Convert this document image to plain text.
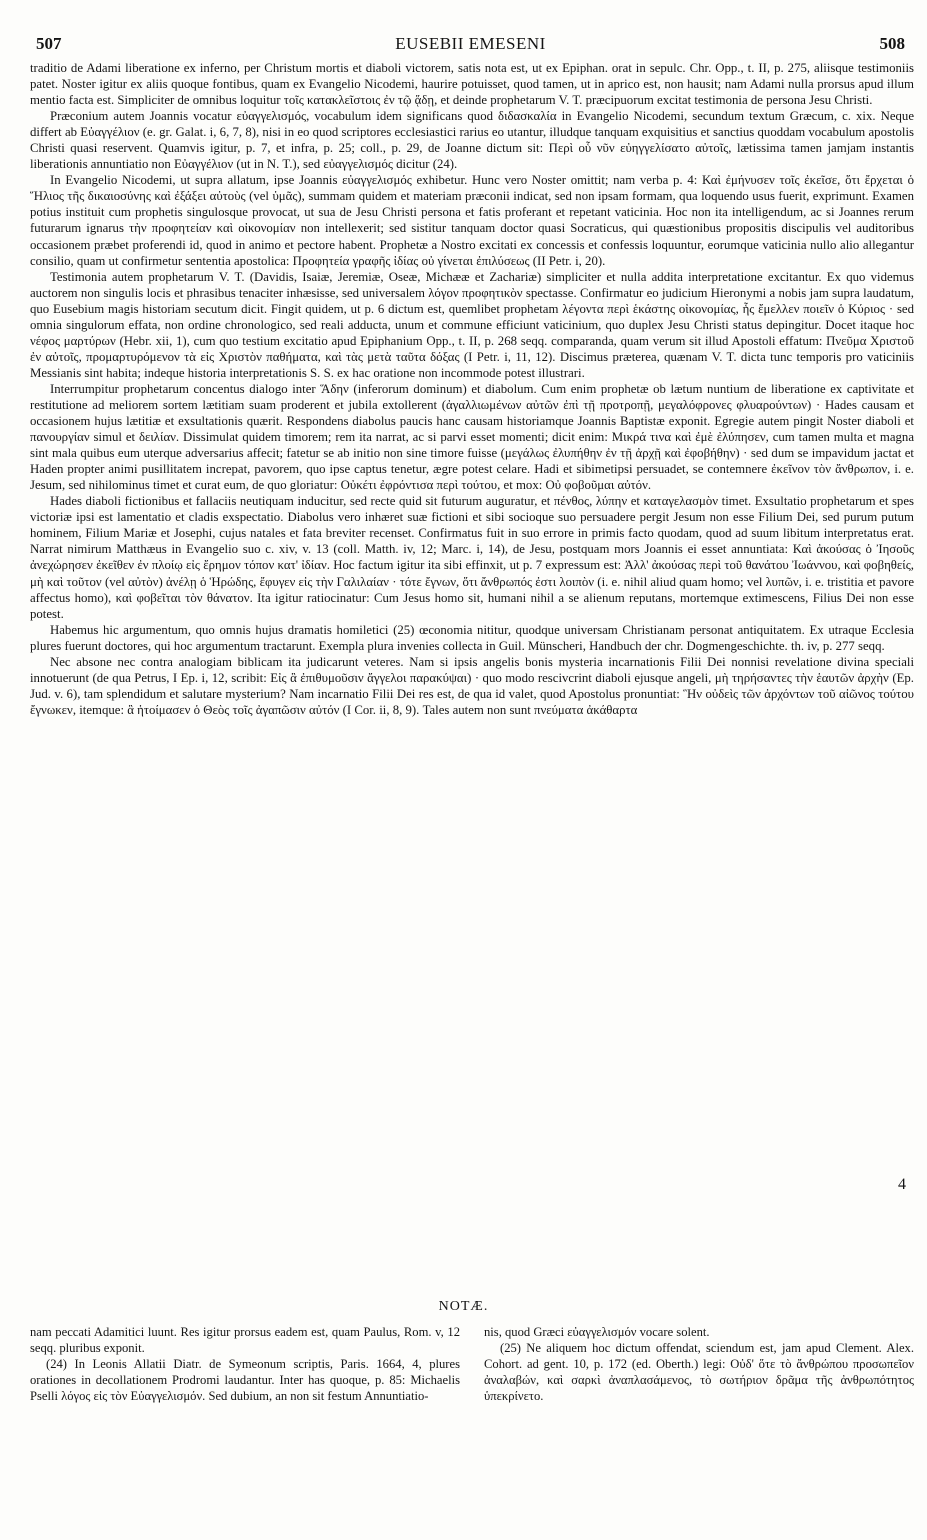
507	EUSEBII EMESENI	508

traditio de Adami liberatione ex inferno, per Christum mortis et diaboli victorem, satis nota est, ut ex Epiphan. orat in sepulc. Chr. Opp., t. II, p. 275, aliisque testimoniis patet. Noster igitur ex aliis quoque fontibus, quam ex Evangelio Nicodemi, haurire potuisset, quod tamen, ut in aprico est, non hausit; nam Adami nulla prorsus apud illum mentio facta est. Simpliciter de omnibus loquitur τοῖς κατακλεῖστοις ἐν τῷ ᾅδῃ, et deinde prophetarum V. T. præcipuorum excitat testimonia de persona Jesu Christi.

Præconium autem Joannis vocatur εὐαγγελισμός, vocabulum idem significans quod διδασκαλία in Evangelio Nicodemi, secundum textum Græcum, c. xix. Neque differt ab Εὐαγγέλιον (e. gr. Galat. i, 6, 7, 8), nisi in eo quod scriptores ecclesiastici rarius eo utantur, illudque tanquam exquisitius et sanctius quoddam vocabulum apostolis Christi quasi reservent. Quamvis igitur, p. 7, et infra, p. 25; coll., p. 29, de Joanne dictum sit: Περὶ οὗ νῦν εὐηγγελίσατο αὐτοῖς, lætissima tamen jamjam instantis liberationis annuntiatio non Εὐαγγέλιον (ut in N. T.), sed εὐαγγελισμός dicitur (24).

In Evangelio Nicodemi, ut supra allatum, ipse Joannis εὐαγγελισμός exhibetur. Hunc vero Noster omittit; nam verba p. 4: Καὶ ἐμήνυσεν τοῖς ἐκεῖσε, ὅτι ἔρχεται ὁ Ἥλιος τῆς δικαιοσύνης καὶ ἐξάξει αὐτοὺς (vel ὑμᾶς), summam quidem et materiam præconii indicat, sed non ipsam formam, qua loquendo usus fuerit, exprimunt. Examen potius instituit cum prophetis singulosque provocat, ut sua de Jesu Christi persona et fatis proferant et repetant vaticinia. Hoc non ita intelligendum, ac si Joannes rerum futurarum ignarus τὴν προφητείαν καὶ οἰκονομίαν non intellexerit; sed sistitur tanquam doctor quasi Socraticus, qui quæstionibus propositis discipulis vel auditoribus occasionem præbet proferendi id, quod in animo et pectore habent. Prophetæ a Nostro excitati ex concessis et confessis loquuntur, eorumque vaticinia nullo alio allegantur consilio, quam ut confirmetur sententia apostolica: Προφητεία γραφῆς ἰδίας οὐ γίνεται ἐπιλύσεως (II Petr. i, 20).

Testimonia autem prophetarum V. T. (Davidis, Isaiæ, Jeremiæ, Oseæ, Michææ et Zachariæ) simpliciter et nulla addita interpretatione excitantur. Ex quo videmus auctorem non singulis locis et phrasibus tenaciter inhæsisse, sed universalem λόγον προφητικὸν spectasse. Confirmatur eo judicium Hieronymi a nobis jam supra laudatum, quo Eusebium magis historiam secutum dicit. Fingit quidem, ut p. 6 dictum est, quemlibet prophetam λέγοντα περὶ ἑκάστης οἰκονομίας, ἧς ἔμελλεν ποιεῖν ὁ Κύριος · sed omnia singulorum effata, non ordine chronologico, sed reali adducta, unum et commune efficiunt vaticinium, quo duplex Jesu Christi status depingitur. Docet itaque hoc νέφος μαρτύρων (Hebr. xii, 1), cum quo testium excitatio apud Epiphanium Opp., t. II, p. 268 seqq. comparanda, quam verum sit illud Apostoli effatum: Πνεῦμα Χριστοῦ ἐν αὐτοῖς, προμαρτυρόμενον τὰ εἰς Χριστὸν παθήματα, καὶ τὰς μετὰ ταῦτα δόξας (I Petr. i, 11, 12). Discimus præterea, quænam V. T. dicta tunc temporis pro vaticiniis Messianis sint habita; indeque historia interpretationis S. S. ex hac oratione non incommode potest illustrari.

Interrumpitur prophetarum concentus dialogo inter Ἅδην (inferorum dominum) et diabolum. Cum enim prophetæ ob lætum nuntium de liberatione ex captivitate et restitutione ad meliorem sortem lætitiam suam proderent et jubila extollerent (ἀγαλλιωμένων αὐτῶν ἐπὶ τῇ προτροπῇ, μεγαλόφρονες φλυαρούντων) · Hades causam et occasionem hujus lætitiæ et exsultationis quærit. Respondens diabolus paucis hanc causam historiamque Joannis Baptistæ exponit. Egregie autem pingit Noster diaboli et πανουργίαν simul et δειλίαν. Dissimulat quidem timorem; rem ita narrat, ac si parvi esset momenti; dicit enim: Μικρά τινα καὶ ἐμὲ ἐλύπησεν, cum tamen multa et magna sint mala quibus eum uterque adversarius affecit; fatetur se ab initio non sine timore fuisse (μεγάλως ἐλυπήθην ἐν τῇ ἀρχῇ καὶ ἐφοβήθην) · sed dum se impavidum jactat et Haden propter animi pusillitatem increpat, pavorem, quo ipse captus tenetur, ægre potest celare. Hadi et sibimetipsi persuadet, se contemnere ἐκεῖνον τὸν ἄνθρωπον, i. e. Jesum, sed nihilominus timet et curat eum, de quo gloriatur: Οὐκέτι ἐφρόντισα περὶ τούτου, et mox: Οὐ φοβοῦμαι αὐτόν.

Hades diaboli fictionibus et fallaciis neutiquam inducitur, sed recte quid sit futurum auguratur, et πένθος, λύπην et καταγελασμὸν timet. Exsultatio prophetarum et spes victoriæ ipsi est lamentatio et cladis exspectatio. Diabolus vero inhæret suæ fictioni et sibi socioque suo persuadere pergit Jesum non esse Filium Dei, sed purum putum hominem, Filium Mariæ et Josephi, cujus natales et fata breviter recenset. Confirmatus fuit in suo errore in primis facto quodam, quod ad suum libitum interpretatus erat. Narrat nimirum Matthæus in Evangelio suo c. xiv, v. 13 (coll. Matth. iv, 12; Marc. i, 14), de Jesu, postquam mors Joannis ei esset annuntiata: Καὶ ἀκούσας ὁ Ἰησοῦς ἀνεχώρησεν ἐκεῖθεν ἐν πλοίῳ εἰς ἔρημον τόπον κατ' ἰδίαν. Hoc factum igitur ita sibi effinxit, ut p. 7 expressum est: Ἀλλ' ἀκούσας περὶ τοῦ θανάτου Ἰωάννου, καὶ φοβηθείς, μὴ καὶ τοῦτον (vel αὐτὸν) ἀνέλῃ ὁ Ἡρώδης, ἔφυγεν εἰς τὴν Γαλιλαίαν · τότε ἔγνων, ὅτι ἄνθρωπός ἐστι λοιπὸν (i. e. nihil aliud quam homo; vel λυπῶν, i. e. tristitia et pavore affectus homo), καὶ φοβεῖται τὸν θάνατον. Ita igitur ratiocinatur: Cum Jesus homo sit, humani nihil a se alienum reputans, mortemque extimescens, Filius Dei non esse potest.

Habemus hic argumentum, quo omnis hujus dramatis homiletici (25) œconomia nititur, quodque universam Christianam personat antiquitatem. Ex utraque Ecclesia plures fuerunt doctores, qui hoc argumentum tractarunt. Exempla plura invenies collecta in Guil. Münscheri, Handbuch der chr. Dogmengeschichte. th. iv, p. 277 seqq.

Nec absone nec contra analogiam biblicam ita judicarunt veteres. Nam si ipsis angelis bonis mysteria incarnationis Filii Dei nonnisi revelatione divina speciali innotuerunt (de qua Petrus, I Ep. i, 12, scribit: Εἰς ἃ ἐπιθυμοῦσιν ἄγγελοι παρακύψαι) · quo modo rescivcrint diaboli ejusque angeli, μὴ τηρήσαντες τὴν ἑαυτῶν ἀρχὴν (Ep. Jud. v. 6), tam splendidum et salutare mysterium? Nam incarnatio Filii Dei res est, de qua id valet, quod Apostolus pronuntiat: Ἣν οὐδεὶς τῶν ἀρχόντων τοῦ αἰῶνος τούτου ἔγνωκεν, itemque: ἃ ἡτοίμασεν ὁ Θεὸς τοῖς ἀγαπῶσιν αὐτόν (I Cor. ii, 8, 9). Tales autem non sunt πνεύματα ἀκάθαρτα

4
NOTÆ.

nam peccati Adamitici luunt. Res igitur prorsus eadem est, quam Paulus, Rom. v, 12 seqq. pluribus exponit.

(24) In Leonis Allatii Diatr. de Symeonum scriptis, Paris. 1664, 4, plures orationes in decollationem Prodromi laudantur. Inter has quoque, p. 85: Michaelis Pselli λόγος εἰς τὸν Εὐαγγελισμόν. Sed dubium, an non sit festum Annuntiatio-

nis, quod Græci εὐαγγελισμόν vocare solent.

(25) Ne aliquem hoc dictum offendat, sciendum est, jam apud Clement. Alex. Cohort. ad gent. 10, p. 172 (ed. Oberth.) legi: Οὐδ' ὅτε τὸ ἄνθρώπου προσωπεῖον ἀναλαβών, καὶ σαρκὶ ἀναπλασάμενος, τὸ σωτήριον δρᾶμα τῆς ἀνθρωπότητος ὑπεκρίνετο.
